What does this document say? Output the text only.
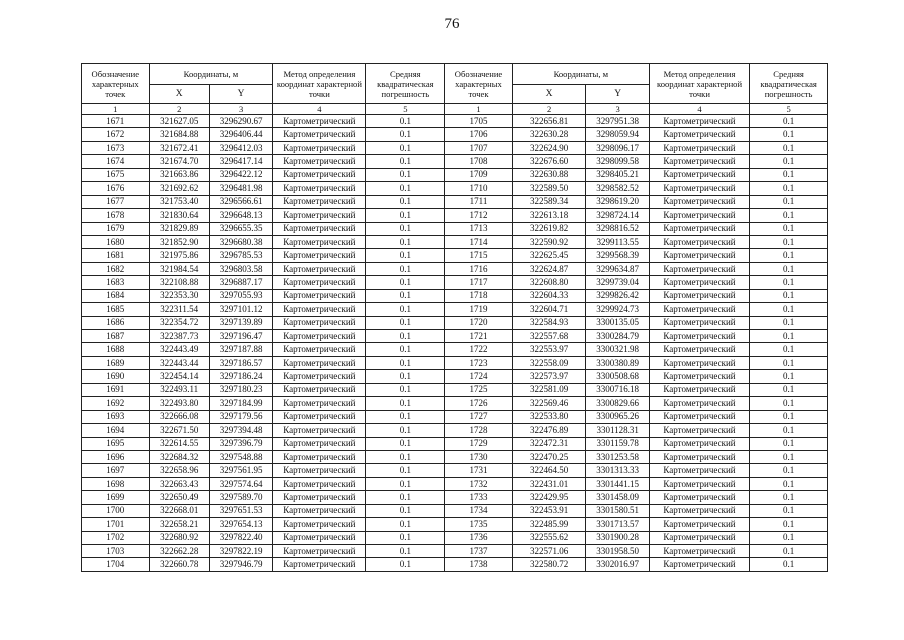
76
Обозначение характерных точек	Координаты, м		Метод определения координат характерной точки	Средняя квадратическая погрешность	Обозначение характерных точек	Координаты, м		Метод определения координат характерной точки	Средняя квадратическая погрешность
	X	Y				X	Y		
1	2	3	4	5	1	2	3	4	5
1671	321627.05	3296290.67	Картометрический	0.1	1705	322656.81	3297951.38	Картометрический	0.1
1672	321684.88	3296406.44	Картометрический	0.1	1706	322630.28	3298059.94	Картометрический	0.1
1673	321672.41	3296412.03	Картометрический	0.1	1707	322624.90	3298096.17	Картометрический	0.1
1674	321674.70	3296417.14	Картометрический	0.1	1708	322676.60	3298099.58	Картометрический	0.1
1675	321663.86	3296422.12	Картометрический	0.1	1709	322630.88	3298405.21	Картометрический	0.1
1676	321692.62	3296481.98	Картометрический	0.1	1710	322589.50	3298582.52	Картометрический	0.1
1677	321753.40	3296566.61	Картометрический	0.1	1711	322589.34	3298619.20	Картометрический	0.1
1678	321830.64	3296648.13	Картометрический	0.1	1712	322613.18	3298724.14	Картометрический	0.1
1679	321829.89	3296655.35	Картометрический	0.1	1713	322619.82	3298816.52	Картометрический	0.1
1680	321852.90	3296680.38	Картометрический	0.1	1714	322590.92	3299113.55	Картометрический	0.1
1681	321975.86	3296785.53	Картометрический	0.1	1715	322625.45	3299568.39	Картометрический	0.1
1682	321984.54	3296803.58	Картометрический	0.1	1716	322624.87	3299634.87	Картометрический	0.1
1683	322108.88	3296887.17	Картометрический	0.1	1717	322608.80	3299739.04	Картометрический	0.1
1684	322353.30	3297055.93	Картометрический	0.1	1718	322604.33	3299826.42	Картометрический	0.1
1685	322311.54	3297101.12	Картометрический	0.1	1719	322604.71	3299924.73	Картометрический	0.1
1686	322354.72	3297139.89	Картометрический	0.1	1720	322584.93	3300135.05	Картометрический	0.1
1687	322387.73	3297196.47	Картометрический	0.1	1721	322557.68	3300284.79	Картометрический	0.1
1688	322443.49	3297187.88	Картометрический	0.1	1722	322553.97	3300321.98	Картометрический	0.1
1689	322443.44	3297186.57	Картометрический	0.1	1723	322558.09	3300380.89	Картометрический	0.1
1690	322454.14	3297186.24	Картометрический	0.1	1724	322573.97	3300508.68	Картометрический	0.1
1691	322493.11	3297180.23	Картометрический	0.1	1725	322581.09	3300716.18	Картометрический	0.1
1692	322493.80	3297184.99	Картометрический	0.1	1726	322569.46	3300829.66	Картометрический	0.1
1693	322666.08	3297179.56	Картометрический	0.1	1727	322533.80	3300965.26	Картометрический	0.1
1694	322671.50	3297394.48	Картометрический	0.1	1728	322476.89	3301128.31	Картометрический	0.1
1695	322614.55	3297396.79	Картометрический	0.1	1729	322472.31	3301159.78	Картометрический	0.1
1696	322684.32	3297548.88	Картометрический	0.1	1730	322470.25	3301253.58	Картометрический	0.1
1697	322658.96	3297561.95	Картометрический	0.1	1731	322464.50	3301313.33	Картометрический	0.1
1698	322663.43	3297574.64	Картометрический	0.1	1732	322431.01	3301441.15	Картометрический	0.1
1699	322650.49	3297589.70	Картометрический	0.1	1733	322429.95	3301458.09	Картометрический	0.1
1700	322668.01	3297651.53	Картометрический	0.1	1734	322453.91	3301580.51	Картометрический	0.1
1701	322658.21	3297654.13	Картометрический	0.1	1735	322485.99	3301713.57	Картометрический	0.1
1702	322680.92	3297822.40	Картометрический	0.1	1736	322555.62	3301900.28	Картометрический	0.1
1703	322662.28	3297822.19	Картометрический	0.1	1737	322571.06	3301958.50	Картометрический	0.1
1704	322660.78	3297946.79	Картометрический	0.1	1738	322580.72	3302016.97	Картометрический	0.1
